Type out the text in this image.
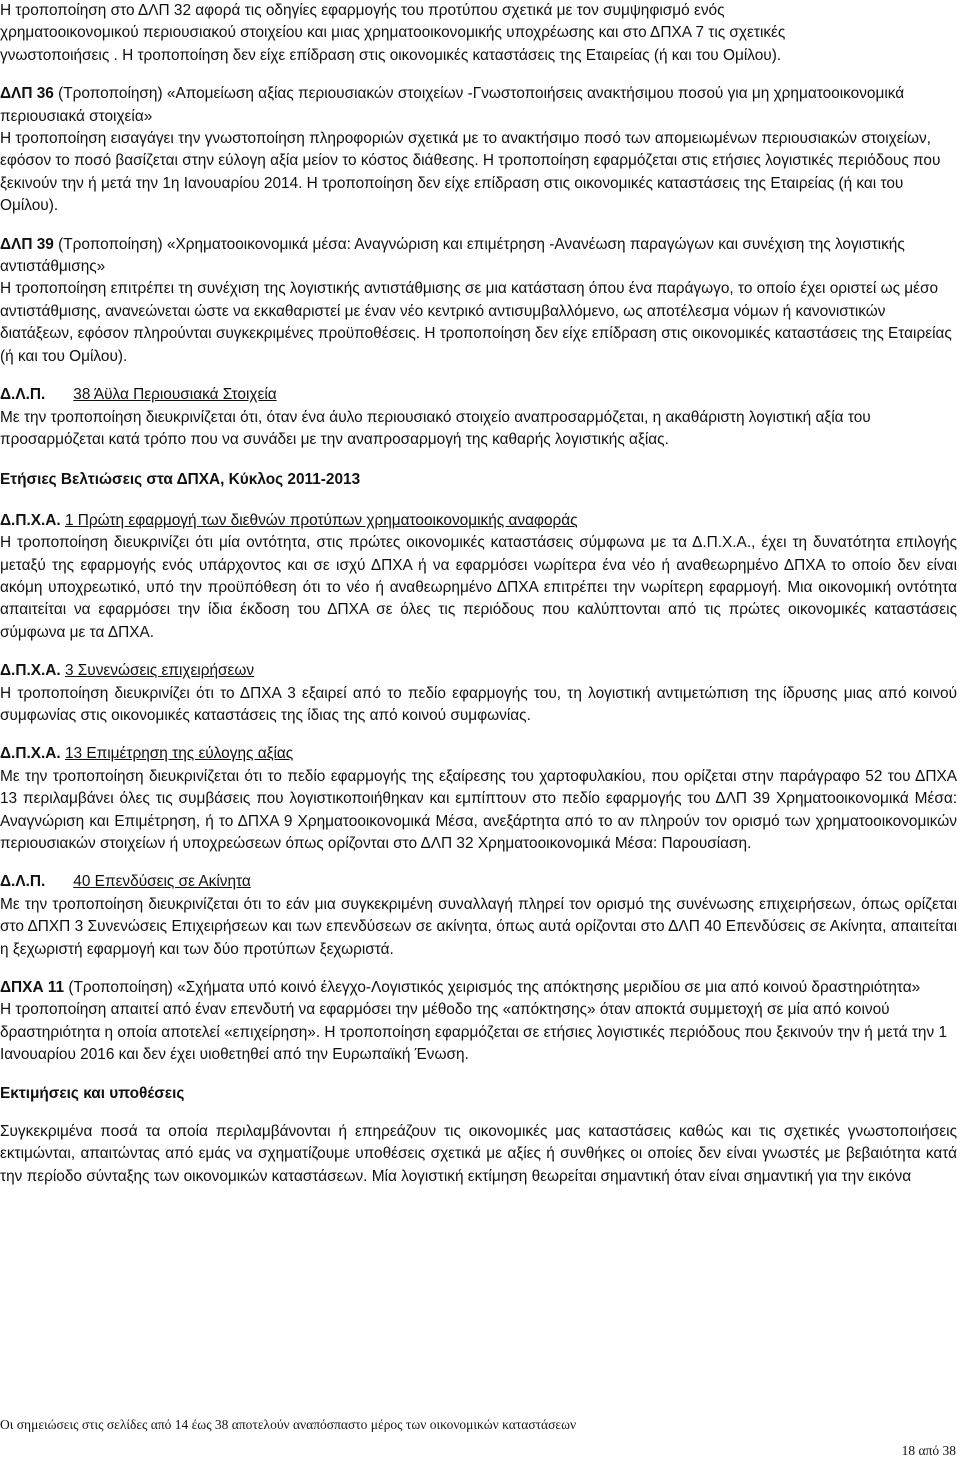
Η τροποποίηση στο ΔΛΠ 32 αφορά τις οδηγίες εφαρμογής του προτύπου σχετικά με τον συμψηφισμό ενός
χρηματοοικονομικού περιουσιακού στοιχείου και μιας χρηματοοικονομικής υποχρέωσης και στο ΔΠΧΑ 7 τις σχετικές
γνωστοποιήσεις . Η τροποποίηση δεν είχε επίδραση στις οικονομικές καταστάσεις της Εταιρείας (ή και του Ομίλου).
ΔΛΠ 36 (Τροποποίηση) «Απομείωση αξίας περιουσιακών στοιχείων -Γνωστοποιήσεις ανακτήσιμου ποσού για μη χρηματοοικονομικά περιουσιακά στοιχεία»
Η τροποποίηση εισαγάγει την γνωστοποίηση πληροφοριών σχετικά με το ανακτήσιμο ποσό των απομειωμένων περιουσιακών στοιχείων, εφόσον το ποσό βασίζεται στην εύλογη αξία μείον το κόστος διάθεσης. Η τροποποίηση εφαρμόζεται στις ετήσιες λογιστικές περιόδους που ξεκινούν την ή μετά την 1η Ιανουαρίου 2014. Η τροποποίηση δεν είχε επίδραση στις οικονομικές καταστάσεις της Εταιρείας (ή και του Ομίλου).
ΔΛΠ 39 (Τροποποίηση) «Χρηματοοικονομικά μέσα: Αναγνώριση και επιμέτρηση -Ανανέωση παραγώγων και συνέχιση της λογιστικής αντιστάθμισης»
Η τροποποίηση επιτρέπει τη συνέχιση της λογιστικής αντιστάθμισης σε μια κατάσταση όπου ένα παράγωγο, το οποίο έχει οριστεί ως μέσο αντιστάθμισης, ανανεώνεται ώστε να εκκαθαριστεί με έναν νέο κεντρικό αντισυμβαλλόμενο, ως αποτέλεσμα νόμων ή κανονιστικών διατάξεων, εφόσον πληρούνται συγκεκριμένες προϋποθέσεις. Η τροποποίηση δεν είχε επίδραση στις οικονομικές καταστάσεις της Εταιρείας (ή και του Ομίλου).
Δ.Λ.Π. 38 Άϋλα Περιουσιακά Στοιχεία
Με την τροποποίηση διευκρινίζεται ότι, όταν ένα άυλο περιουσιακό στοιχείο αναπροσαρμόζεται, η ακαθάριστη λογιστική αξία του προσαρμόζεται κατά τρόπο που να συνάδει με την αναπροσαρμογή της καθαρής λογιστικής αξίας.
Ετήσιες Βελτιώσεις στα ΔΠΧΑ, Κύκλος 2011-2013
Δ.Π.Χ.Α. 1 Πρώτη εφαρμογή των διεθνών προτύπων χρηματοοικονομικής αναφοράς
Η τροποποίηση διευκρινίζει ότι μία οντότητα, στις πρώτες οικονομικές καταστάσεις σύμφωνα με τα Δ.Π.Χ.Α., έχει τη δυνατότητα επιλογής μεταξύ της εφαρμογής ενός υπάρχοντος και σε ισχύ ΔΠΧΑ ή να εφαρμόσει νωρίτερα ένα νέο ή αναθεωρημένο ΔΠΧΑ το οποίο δεν είναι ακόμη υποχρεωτικό, υπό την προϋπόθεση ότι το νέο ή αναθεωρημένο ΔΠΧΑ επιτρέπει την νωρίτερη εφαρμογή. Μια οικονομική οντότητα απαιτείται να εφαρμόσει την ίδια έκδοση του ΔΠΧΑ σε όλες τις περιόδους που καλύπτονται από τις πρώτες οικονομικές καταστάσεις σύμφωνα με τα ΔΠΧΑ.
Δ.Π.Χ.Α. 3 Συνενώσεις επιχειρήσεων
Η τροποποίηση διευκρινίζει ότι το ΔΠΧΑ 3 εξαιρεί από το πεδίο εφαρμογής του, τη λογιστική αντιμετώπιση της ίδρυσης μιας από κοινού συμφωνίας στις οικονομικές καταστάσεις της ίδιας της από κοινού συμφωνίας.
Δ.Π.Χ.Α. 13 Επιμέτρηση της εύλογης αξίας
Με την τροποποίηση διευκρινίζεται ότι το πεδίο εφαρμογής της εξαίρεσης του χαρτοφυλακίου, που ορίζεται στην παράγραφο 52 του ΔΠΧΑ 13 περιλαμβάνει όλες τις συμβάσεις που λογιστικοποιήθηκαν και εμπίπτουν στο πεδίο εφαρμογής του ΔΛΠ 39 Χρηματοοικονομικά Μέσα: Αναγνώριση και Επιμέτρηση, ή το ΔΠΧΑ 9 Χρηματοοικονομικά Μέσα, ανεξάρτητα από το αν πληρούν τον ορισμό των χρηματοοικονομικών περιουσιακών στοιχείων ή υποχρεώσεων όπως ορίζονται στο ΔΛΠ 32 Χρηματοοικονομικά Μέσα: Παρουσίαση.
Δ.Λ.Π. 40 Επενδύσεις σε Ακίνητα
Με την τροποποίηση διευκρινίζεται ότι το εάν μια συγκεκριμένη συναλλαγή πληρεί τον ορισμό της συνένωσης επιχειρήσεων, όπως ορίζεται στο ΔΠΧΠ 3 Συνενώσεις Επιχειρήσεων και των επενδύσεων σε ακίνητα, όπως αυτά ορίζονται στο ΔΛΠ 40 Επενδύσεις σε Ακίνητα, απαιτείται η ξεχωριστή εφαρμογή και των δύο προτύπων ξεχωριστά.
ΔΠΧΑ 11 (Τροποποίηση) «Σχήματα υπό κοινό έλεγχο-Λογιστικός χειρισμός της απόκτησης μεριδίου σε μια από κοινού δραστηριότητα»
Η τροποποίηση απαιτεί από έναν επενδυτή να εφαρμόσει την μέθοδο της «απόκτησης» όταν αποκτά συμμετοχή σε μία από κοινού δραστηριότητα η οποία αποτελεί «επιχείρηση». Η τροποποίηση εφαρμόζεται σε ετήσιες λογιστικές περιόδους που ξεκινούν την ή μετά την 1 Ιανουαρίου 2016 και δεν έχει υιοθετηθεί από την Ευρωπαϊκή Ένωση.
Εκτιμήσεις και υποθέσεις
Συγκεκριμένα ποσά τα οποία περιλαμβάνονται ή επηρεάζουν τις οικονομικές μας καταστάσεις καθώς και τις σχετικές γνωστοποιήσεις εκτιμώνται, απαιτώντας από εμάς να σχηματίζουμε υποθέσεις σχετικά με αξίες ή συνθήκες οι οποίες δεν είναι γνωστές με βεβαιότητα κατά την περίοδο σύνταξης των οικονομικών καταστάσεων. Μία λογιστική εκτίμηση θεωρείται σημαντική όταν είναι σημαντική για την εικόνα
Οι σημειώσεις στις σελίδες από 14 έως 38 αποτελούν αναπόσπαστο μέρος των οικονομικών καταστάσεων
18 από 38
